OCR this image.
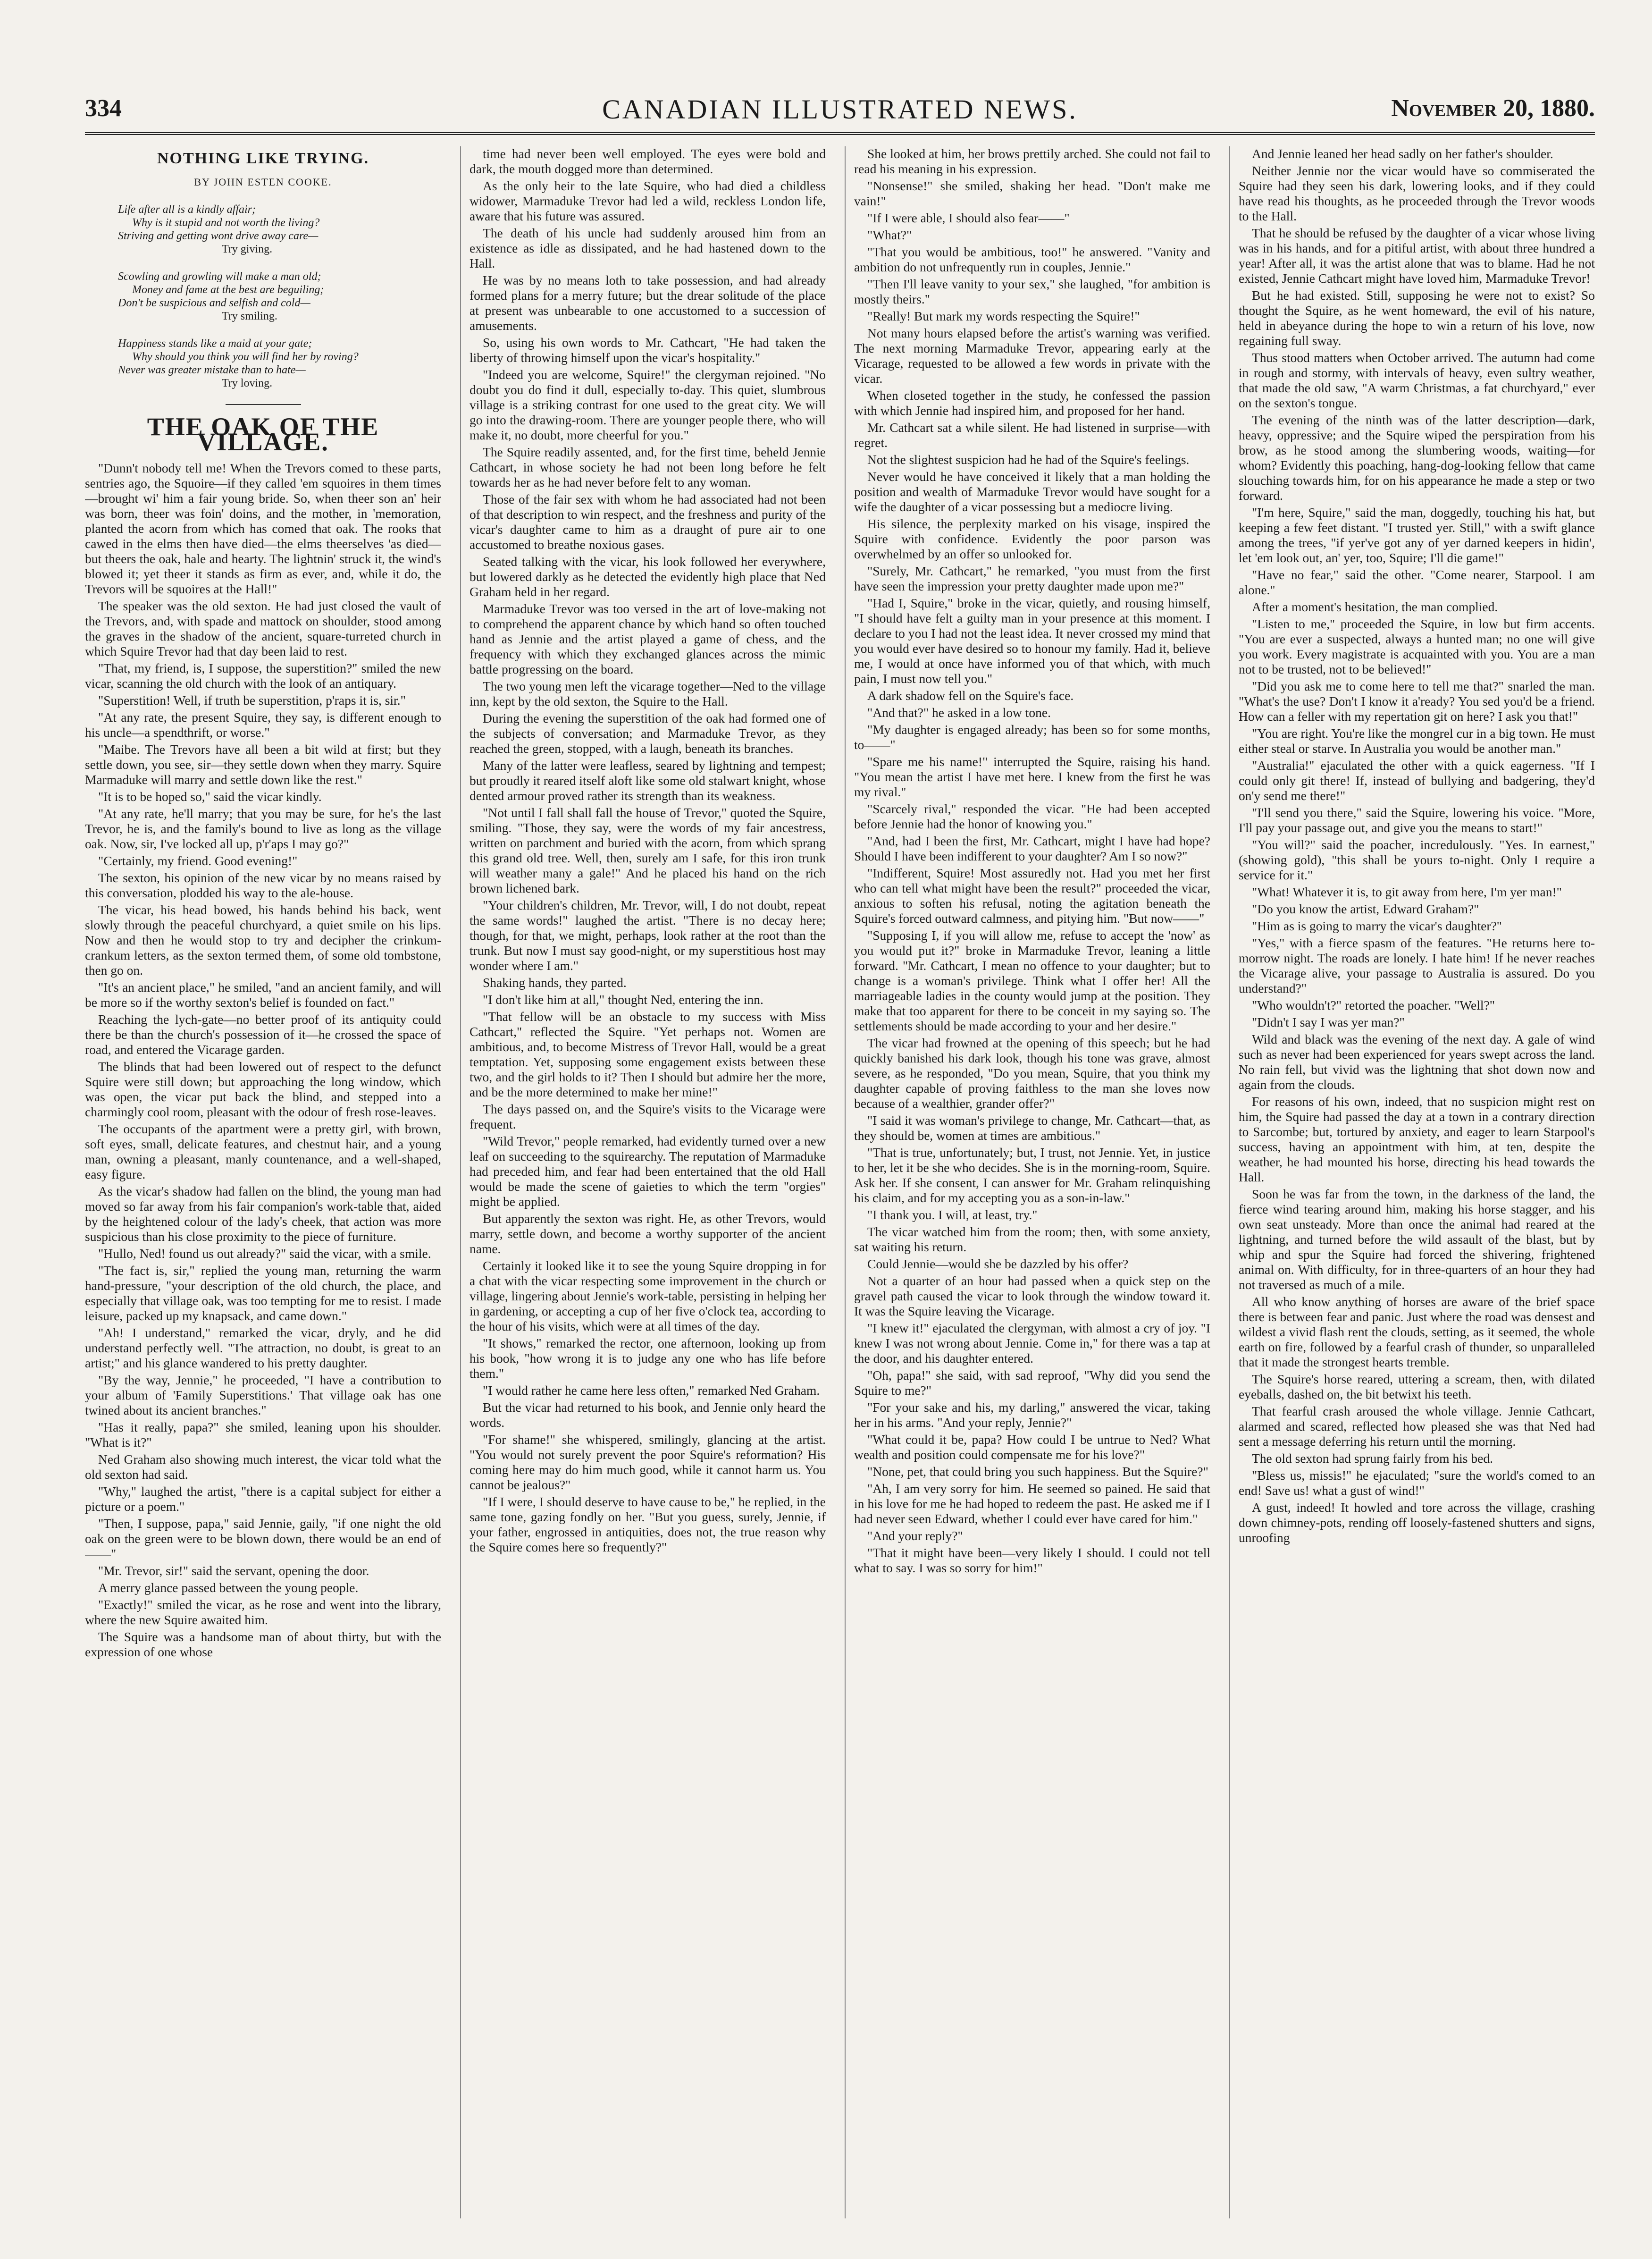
334	CANADIAN ILLUSTRATED NEWS.	November 20, 1880.
NOTHING LIKE TRYING.
BY JOHN ESTEN COOKE.
Life after all is a kindly affair;
Why is it stupid and not worth the living?
Striving and getting wont drive away care—
Try giving.
Scowling and growling will make a man old;
Money and fame at the best are beguiling;
Don't be suspicious and selfish and cold—
Try smiling.
Happiness stands like a maid at your gate;
Why should you think you will find her by roving?
Never was greater mistake than to hate—
Try loving.
THE OAK OF THE VILLAGE.

"Dunn't nobody tell me! When the Trevors comed to these parts, sentries ago, the Squoire—if they called 'em squoires in them times—brought wi' him a fair young bride. So, when theer son an' heir was born, theer was foin' doins, and the mother, in 'memoration, planted the acorn from which has comed that oak. The rooks that cawed in the elms then have died—the elms theerselves 'as died—but theers the oak, hale and hearty. The lightnin' struck it, the wind's blowed it; yet theer it stands as firm as ever, and, while it do, the Trevors will be squoires at the Hall!"

The speaker was the old sexton. He had just closed the vault of the Trevors, and, with spade and mattock on shoulder, stood among the graves in the shadow of the ancient, square-turreted church in which Squire Trevor had that day been laid to rest.

"That, my friend, is, I suppose, the superstition?" smiled the new vicar, scanning the old church with the look of an antiquary.

"Superstition! Well, if truth be superstition, p'raps it is, sir."

"At any rate, the present Squire, they say, is different enough to his uncle—a spendthrift, or worse."

"Maibe. The Trevors have all been a bit wild at first; but they settle down, you see, sir—they settle down when they marry. Squire Marmaduke will marry and settle down like the rest."

"It is to be hoped so," said the vicar kindly.

"At any rate, he'll marry; that you may be sure, for he's the last Trevor, he is, and the family's bound to live as long as the village oak. Now, sir, I've locked all up, p'r'aps I may go?"

"Certainly, my friend. Good evening!"

The sexton, his opinion of the new vicar by no means raised by this conversation, plodded his way to the ale-house.

The vicar, his head bowed, his hands behind his back, went slowly through the peaceful churchyard, a quiet smile on his lips. Now and then he would stop to try and decipher the crinkum-crankum letters, as the sexton termed them, of some old tombstone, then go on.

"It's an ancient place," he smiled, "and an ancient family, and will be more so if the worthy sexton's belief is founded on fact."

Reaching the lych-gate—no better proof of its antiquity could there be than the church's possession of it—he crossed the space of road, and entered the Vicarage garden.

The blinds that had been lowered out of respect to the defunct Squire were still down; but approaching the long window, which was open, the vicar put back the blind, and stepped into a charmingly cool room, pleasant with the odour of fresh rose-leaves.

The occupants of the apartment were a pretty girl, with brown, soft eyes, small, delicate features, and chestnut hair, and a young man, owning a pleasant, manly countenance, and a well-shaped, easy figure.

As the vicar's shadow had fallen on the blind, the young man had moved so far away from his fair companion's work-table that, aided by the heightened colour of the lady's cheek, that action was more suspicious than his close proximity to the piece of furniture.

"Hullo, Ned! found us out already?" said the vicar, with a smile.

"The fact is, sir," replied the young man, returning the warm hand-pressure, "your description of the old church, the place, and especially that village oak, was too tempting for me to resist. I made leisure, packed up my knapsack, and came down."

"Ah! I understand," remarked the vicar, dryly, and he did understand perfectly well. "The attraction, no doubt, is great to an artist;" and his glance wandered to his pretty daughter.

"By the way, Jennie," he proceeded, "I have a contribution to your album of 'Family Superstitions.' That village oak has one twined about its ancient branches."

"Has it really, papa?" she smiled, leaning upon his shoulder. "What is it?"

Ned Graham also showing much interest, the vicar told what the old sexton had said.

"Why," laughed the artist, "there is a capital subject for either a picture or a poem."

"Then, I suppose, papa," said Jennie, gaily, "if one night the old oak on the green were to be blown down, there would be an end of——"

"Mr. Trevor, sir!" said the servant, opening the door.

A merry glance passed between the young people.

"Exactly!" smiled the vicar, as he rose and went into the library, where the new Squire awaited him.

The Squire was a handsome man of about thirty, but with the expression of one whose

time had never been well employed. The eyes were bold and dark, the mouth dogged more than determined.

As the only heir to the late Squire, who had died a childless widower, Marmaduke Trevor had led a wild, reckless London life, aware that his future was assured.

The death of his uncle had suddenly aroused him from an existence as idle as dissipated, and he had hastened down to the Hall.

He was by no means loth to take possession, and had already formed plans for a merry future; but the drear solitude of the place at present was unbearable to one accustomed to a succession of amusements.

So, using his own words to Mr. Cathcart, "He had taken the liberty of throwing himself upon the vicar's hospitality."

"Indeed you are welcome, Squire!" the clergyman rejoined. "No doubt you do find it dull, especially to-day. This quiet, slumbrous village is a striking contrast for one used to the great city. We will go into the drawing-room. There are younger people there, who will make it, no doubt, more cheerful for you."

The Squire readily assented, and, for the first time, beheld Jennie Cathcart, in whose society he had not been long before he felt towards her as he had never before felt to any woman.

Those of the fair sex with whom he had associated had not been of that description to win respect, and the freshness and purity of the vicar's daughter came to him as a draught of pure air to one accustomed to breathe noxious gases.

Seated talking with the vicar, his look followed her everywhere, but lowered darkly as he detected the evidently high place that Ned Graham held in her regard.

Marmaduke Trevor was too versed in the art of love-making not to comprehend the apparent chance by which hand so often touched hand as Jennie and the artist played a game of chess, and the frequency with which they exchanged glances across the mimic battle progressing on the board.

The two young men left the vicarage together—Ned to the village inn, kept by the old sexton, the Squire to the Hall.

During the evening the superstition of the oak had formed one of the subjects of conversation; and Marmaduke Trevor, as they reached the green, stopped, with a laugh, beneath its branches.

Many of the latter were leafless, seared by lightning and tempest; but proudly it reared itself aloft like some old stalwart knight, whose dented armour proved rather its strength than its weakness.

"Not until I fall shall fall the house of Trevor," quoted the Squire, smiling. "Those, they say, were the words of my fair ancestress, written on parchment and buried with the acorn, from which sprang this grand old tree. Well, then, surely am I safe, for this iron trunk will weather many a gale!" And he placed his hand on the rich brown lichened bark.

"Your children's children, Mr. Trevor, will, I do not doubt, repeat the same words!" laughed the artist. "There is no decay here; though, for that, we might, perhaps, look rather at the root than the trunk. But now I must say good-night, or my superstitious host may wonder where I am."

Shaking hands, they parted.

"I don't like him at all," thought Ned, entering the inn.

"That fellow will be an obstacle to my success with Miss Cathcart," reflected the Squire. "Yet perhaps not. Women are ambitious, and, to become Mistress of Trevor Hall, would be a great temptation. Yet, supposing some engagement exists between these two, and the girl holds to it? Then I should but admire her the more, and be the more determined to make her mine!"

The days passed on, and the Squire's visits to the Vicarage were frequent.

"Wild Trevor," people remarked, had evidently turned over a new leaf on succeeding to the squirearchy. The reputation of Marmaduke had preceded him, and fear had been entertained that the old Hall would be made the scene of gaieties to which the term "orgies" might be applied.

But apparently the sexton was right. He, as other Trevors, would marry, settle down, and become a worthy supporter of the ancient name.

Certainly it looked like it to see the young Squire dropping in for a chat with the vicar respecting some improvement in the church or village, lingering about Jennie's work-table, persisting in helping her in gardening, or accepting a cup of her five o'clock tea, according to the hour of his visits, which were at all times of the day.

"It shows," remarked the rector, one afternoon, looking up from his book, "how wrong it is to judge any one who has life before them."

"I would rather he came here less often," remarked Ned Graham.

But the vicar had returned to his book, and Jennie only heard the words.

"For shame!" she whispered, smilingly, glancing at the artist. "You would not surely prevent the poor Squire's reformation? His coming here may do him much good, while it cannot harm us. You cannot be jealous?"

"If I were, I should deserve to have cause to be," he replied, in the same tone, gazing fondly on her. "But you guess, surely, Jennie, if your father, engrossed in antiquities, does not, the true reason why the Squire comes here so frequently?"

She looked at him, her brows prettily arched. She could not fail to read his meaning in his expression.

"Nonsense!" she smiled, shaking her head. "Don't make me vain!"

"If I were able, I should also fear——"

"What?"

"That you would be ambitious, too!" he answered. "Vanity and ambition do not unfrequently run in couples, Jennie."

"Then I'll leave vanity to your sex," she laughed, "for ambition is mostly theirs."

"Really! But mark my words respecting the Squire!"

Not many hours elapsed before the artist's warning was verified. The next morning Marmaduke Trevor, appearing early at the Vicarage, requested to be allowed a few words in private with the vicar.

When closeted together in the study, he confessed the passion with which Jennie had inspired him, and proposed for her hand.

Mr. Cathcart sat a while silent. He had listened in surprise—with regret.

Not the slightest suspicion had he had of the Squire's feelings.

Never would he have conceived it likely that a man holding the position and wealth of Marmaduke Trevor would have sought for a wife the daughter of a vicar possessing but a mediocre living.

His silence, the perplexity marked on his visage, inspired the Squire with confidence. Evidently the poor parson was overwhelmed by an offer so unlooked for.

"Surely, Mr. Cathcart," he remarked, "you must from the first have seen the impression your pretty daughter made upon me?"

"Had I, Squire," broke in the vicar, quietly, and rousing himself, "I should have felt a guilty man in your presence at this moment. I declare to you I had not the least idea. It never crossed my mind that you would ever have desired so to honour my family. Had it, believe me, I would at once have informed you of that which, with much pain, I must now tell you."

A dark shadow fell on the Squire's face.

"And that?" he asked in a low tone.

"My daughter is engaged already; has been so for some months, to——"

"Spare me his name!" interrupted the Squire, raising his hand. "You mean the artist I have met here. I knew from the first he was my rival."

"Scarcely rival," responded the vicar. "He had been accepted before Jennie had the honor of knowing you."

"And, had I been the first, Mr. Cathcart, might I have had hope? Should I have been indifferent to your daughter? Am I so now?"

"Indifferent, Squire! Most assuredly not. Had you met her first who can tell what might have been the result?" proceeded the vicar, anxious to soften his refusal, noting the agitation beneath the Squire's forced outward calmness, and pitying him. "But now——"

"Supposing I, if you will allow me, refuse to accept the 'now' as you would put it?" broke in Marmaduke Trevor, leaning a little forward. "Mr. Cathcart, I mean no offence to your daughter; but to change is a woman's privilege. Think what I offer her! All the marriageable ladies in the county would jump at the position. They make that too apparent for there to be conceit in my saying so. The settlements should be made according to your and her desire."

The vicar had frowned at the opening of this speech; but he had quickly banished his dark look, though his tone was grave, almost severe, as he responded, "Do you mean, Squire, that you think my daughter capable of proving faithless to the man she loves now because of a wealthier, grander offer?"

"I said it was woman's privilege to change, Mr. Cathcart—that, as they should be, women at times are ambitious."

"That is true, unfortunately; but, I trust, not Jennie. Yet, in justice to her, let it be she who decides. She is in the morning-room, Squire. Ask her. If she consent, I can answer for Mr. Graham relinquishing his claim, and for my accepting you as a son-in-law."

"I thank you. I will, at least, try."

The vicar watched him from the room; then, with some anxiety, sat waiting his return.

Could Jennie—would she be dazzled by his offer?

Not a quarter of an hour had passed when a quick step on the gravel path caused the vicar to look through the window toward it. It was the Squire leaving the Vicarage.

"I knew it!" ejaculated the clergyman, with almost a cry of joy. "I knew I was not wrong about Jennie. Come in," for there was a tap at the door, and his daughter entered.

"Oh, papa!" she said, with sad reproof, "Why did you send the Squire to me?"

"For your sake and his, my darling," answered the vicar, taking her in his arms. "And your reply, Jennie?"

"What could it be, papa? How could I be untrue to Ned? What wealth and position could compensate me for his love?"

"None, pet, that could bring you such happiness. But the Squire?"

"Ah, I am very sorry for him. He seemed so pained. He said that in his love for me he had hoped to redeem the past. He asked me if I had never seen Edward, whether I could ever have cared for him."

"And your reply?"

"That it might have been—very likely I should. I could not tell what to say. I was so sorry for him!"

And Jennie leaned her head sadly on her father's shoulder.

Neither Jennie nor the vicar would have so commiserated the Squire had they seen his dark, lowering looks, and if they could have read his thoughts, as he proceeded through the Trevor woods to the Hall.

That he should be refused by the daughter of a vicar whose living was in his hands, and for a pitiful artist, with about three hundred a year! After all, it was the artist alone that was to blame. Had he not existed, Jennie Cathcart might have loved him, Marmaduke Trevor!

But he had existed. Still, supposing he were not to exist? So thought the Squire, as he went homeward, the evil of his nature, held in abeyance during the hope to win a return of his love, now regaining full sway.

Thus stood matters when October arrived. The autumn had come in rough and stormy, with intervals of heavy, even sultry weather, that made the old saw, "A warm Christmas, a fat churchyard," ever on the sexton's tongue.

The evening of the ninth was of the latter description—dark, heavy, oppressive; and the Squire wiped the perspiration from his brow, as he stood among the slumbering woods, waiting—for whom? Evidently this poaching, hang-dog-looking fellow that came slouching towards him, for on his appearance he made a step or two forward.

"I'm here, Squire," said the man, doggedly, touching his hat, but keeping a few feet distant. "I trusted yer. Still," with a swift glance among the trees, "if yer've got any of yer darned keepers in hidin', let 'em look out, an' yer, too, Squire; I'll die game!"

"Have no fear," said the other. "Come nearer, Starpool. I am alone."

After a moment's hesitation, the man complied.

"Listen to me," proceeded the Squire, in low but firm accents. "You are ever a suspected, always a hunted man; no one will give you work. Every magistrate is acquainted with you. You are a man not to be trusted, not to be believed!"

"Did you ask me to come here to tell me that?" snarled the man. "What's the use? Don't I know it a'ready? You sed you'd be a friend. How can a feller with my repertation git on here? I ask you that!"

"You are right. You're like the mongrel cur in a big town. He must either steal or starve. In Australia you would be another man."

"Australia!" ejaculated the other with a quick eagerness. "If I could only git there! If, instead of bullying and badgering, they'd on'y send me there!"

"I'll send you there," said the Squire, lowering his voice. "More, I'll pay your passage out, and give you the means to start!"

"You will?" said the poacher, incredulously. "Yes. In earnest," (showing gold), "this shall be yours to-night. Only I require a service for it."

"What! Whatever it is, to git away from here, I'm yer man!"

"Do you know the artist, Edward Graham?"

"Him as is going to marry the vicar's daughter?"

"Yes," with a fierce spasm of the features. "He returns here to-morrow night. The roads are lonely. I hate him! If he never reaches the Vicarage alive, your passage to Australia is assured. Do you understand?"

"Who wouldn't?" retorted the poacher. "Well?"

"Didn't I say I was yer man?"

Wild and black was the evening of the next day. A gale of wind such as never had been experienced for years swept across the land. No rain fell, but vivid was the lightning that shot down now and again from the clouds.

For reasons of his own, indeed, that no suspicion might rest on him, the Squire had passed the day at a town in a contrary direction to Sarcombe; but, tortured by anxiety, and eager to learn Starpool's success, having an appointment with him, at ten, despite the weather, he had mounted his horse, directing his head towards the Hall.

Soon he was far from the town, in the darkness of the land, the fierce wind tearing around him, making his horse stagger, and his own seat unsteady. More than once the animal had reared at the lightning, and turned before the wild assault of the blast, but by whip and spur the Squire had forced the shivering, frightened animal on. With difficulty, for in three-quarters of an hour they had not traversed as much of a mile.

All who know anything of horses are aware of the brief space there is between fear and panic. Just where the road was densest and wildest a vivid flash rent the clouds, setting, as it seemed, the whole earth on fire, followed by a fearful crash of thunder, so unparalleled that it made the strongest hearts tremble.

The Squire's horse reared, uttering a scream, then, with dilated eyeballs, dashed on, the bit betwixt his teeth.

That fearful crash aroused the whole village. Jennie Cathcart, alarmed and scared, reflected how pleased she was that Ned had sent a message deferring his return until the morning.

The old sexton had sprung fairly from his bed.

"Bless us, missis!" he ejaculated; "sure the world's comed to an end! Save us! what a gust of wind!"

A gust, indeed! It howled and tore across the village, crashing down chimney-pots, rending off loosely-fastened shutters and signs, unroofing
